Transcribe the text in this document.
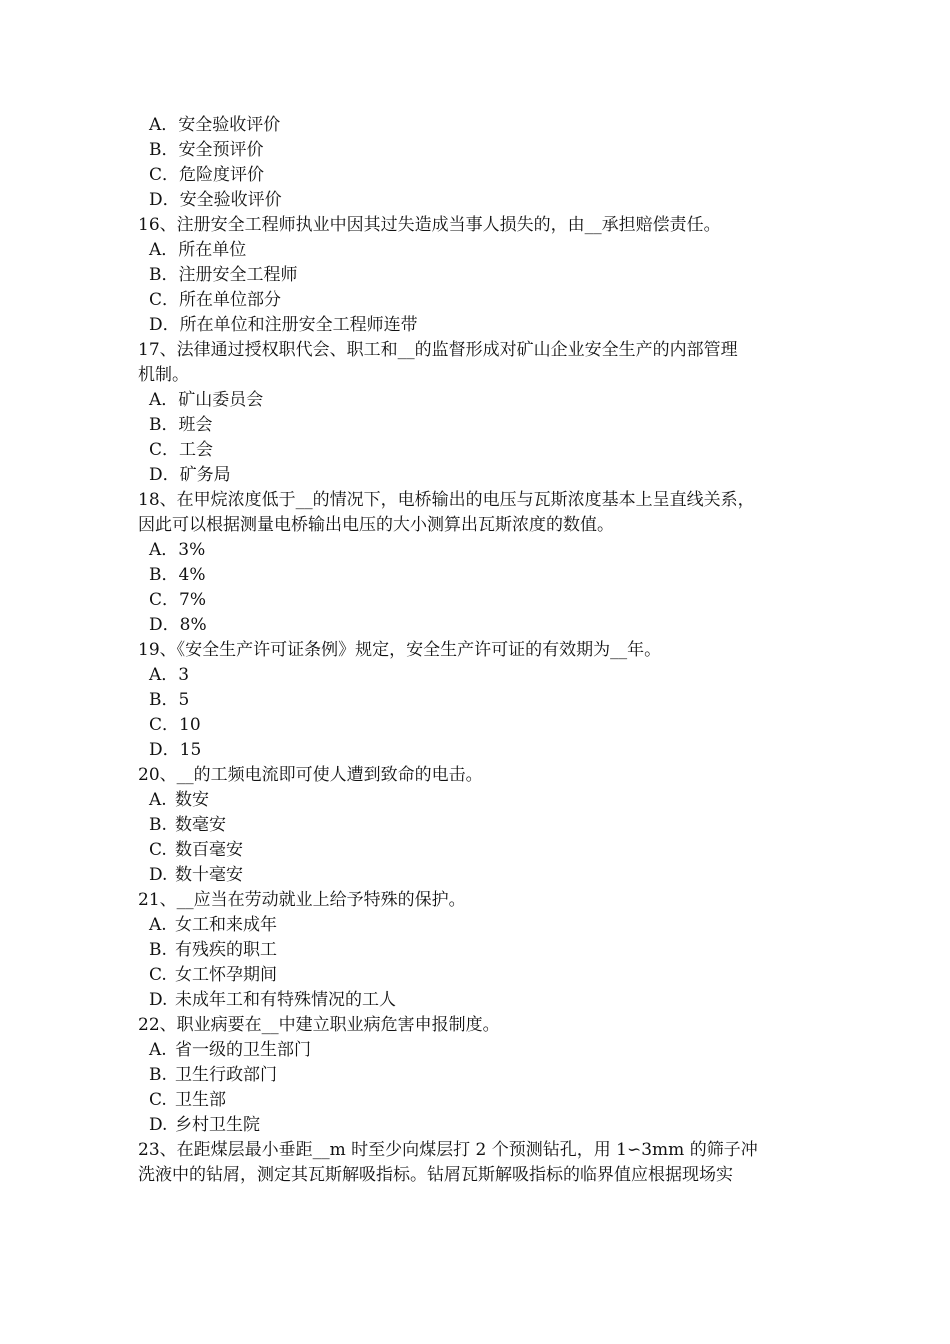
A．安全验收评价
B．安全预评价
C．危险度评价
D．安全验收评价
16、注册安全工程师执业中因其过失造成当事人损失的，由__承担赔偿责任。
A．所在单位
B．注册安全工程师
C．所在单位部分
D．所在单位和注册安全工程师连带
17、法律通过授权职代会、职工和__的监督形成对矿山企业安全生产的内部管理
机制。
A．矿山委员会
B．班会
C．工会
D．矿务局
18、在甲烷浓度低于__的情况下，电桥输出的电压与瓦斯浓度基本上呈直线关系，
因此可以根据测量电桥输出电压的大小测算出瓦斯浓度的数值。
A．3%
B．4%
C．7%
D．8%
19、《安全生产许可证条例》规定，安全生产许可证的有效期为__年。
A．3
B．5
C．10
D．15
20、__的工频电流即可使人遭到致命的电击。
A. 数安
B. 数毫安
C. 数百毫安
D. 数十毫安
21、__应当在劳动就业上给予特殊的保护。
A. 女工和来成年
B. 有残疾的职工
C. 女工怀孕期间
D. 未成年工和有特殊情况的工人
22、职业病要在__中建立职业病危害申报制度。
A. 省一级的卫生部门
B. 卫生行政部门
C. 卫生部
D. 乡村卫生院
23、在距煤层最小垂距__m 时至少向煤层打 2 个预测钻孔，用 1∽3mm 的筛子冲
洗液中的钻屑，测定其瓦斯解吸指标。钻屑瓦斯解吸指标的临界值应根据现场实
